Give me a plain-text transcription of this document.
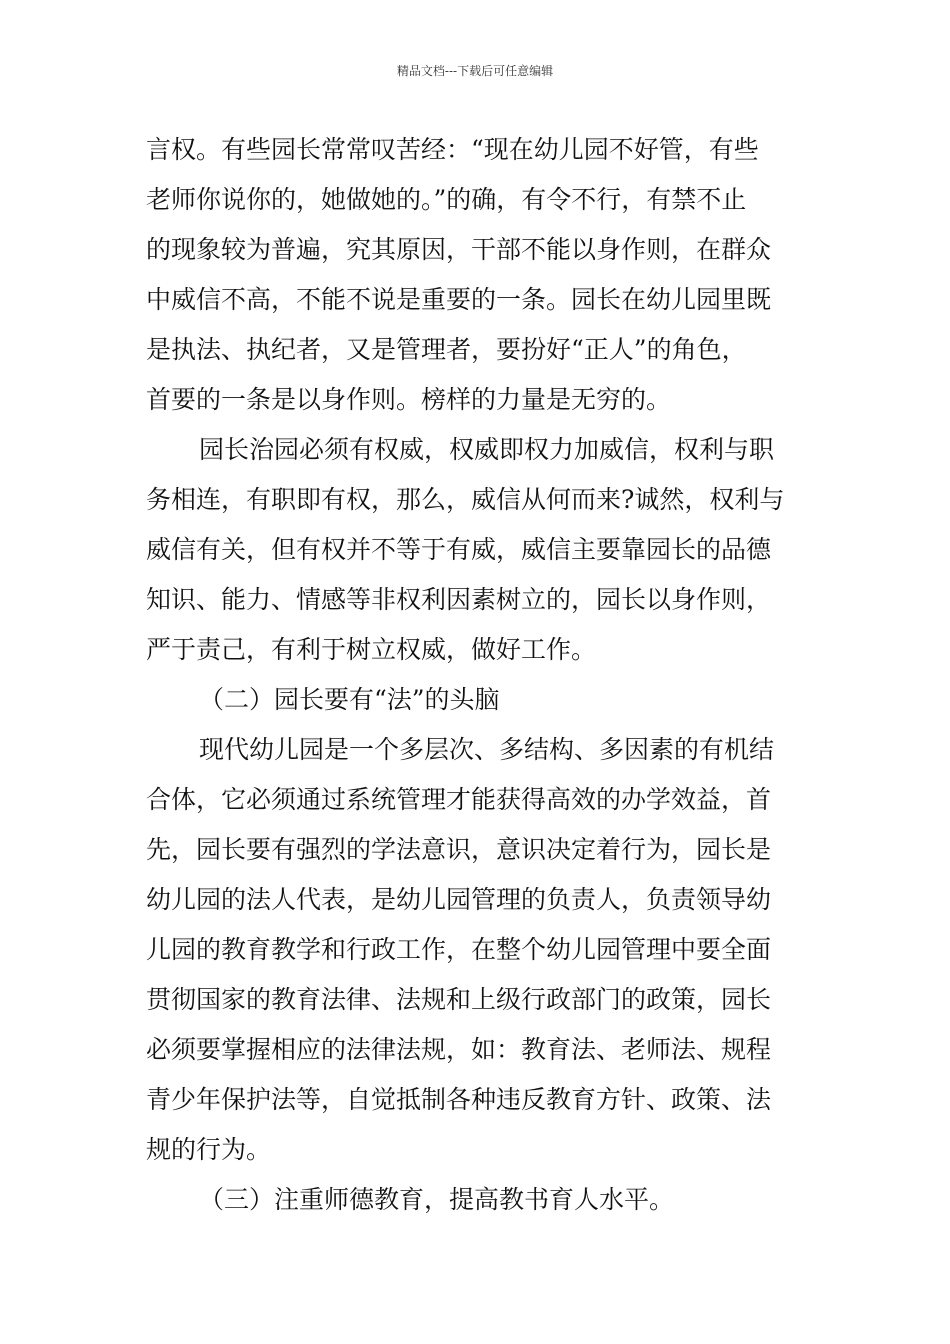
精品文档---下载后可任意编辑
言权。有些园长常常叹苦经：“现在幼儿园不好管，有些
老师你说你的，她做她的。”的确，有令不行，有禁不止
的现象较为普遍，究其原因，干部不能以身作则，在群众
中威信不高，不能不说是重要的一条。园长在幼儿园里既
是执法、执纪者，又是管理者，要扮好“正人”的角色，
首要的一条是以身作则。榜样的力量是无穷的。
园长治园必须有权威，权威即权力加威信，权利与职
务相连，有职即有权，那么，威信从何而来?诚然，权利与
威信有关，但有权并不等于有威，威信主要靠园长的品德
知识、能力、情感等非权利因素树立的，园长以身作则，
严于责己，有利于树立权威，做好工作。
（二）园长要有“法”的头脑
现代幼儿园是一个多层次、多结构、多因素的有机结
合体，它必须通过系统管理才能获得高效的办学效益，首
先，园长要有强烈的学法意识，意识决定着行为，园长是
幼儿园的法人代表，是幼儿园管理的负责人，负责领导幼
儿园的教育教学和行政工作，在整个幼儿园管理中要全面
贯彻国家的教育法律、法规和上级行政部门的政策，园长
必须要掌握相应的法律法规，如：教育法、老师法、规程
青少年保护法等，自觉抵制各种违反教育方针、政策、法
规的行为。
（三）注重师德教育，提高教书育人水平。
